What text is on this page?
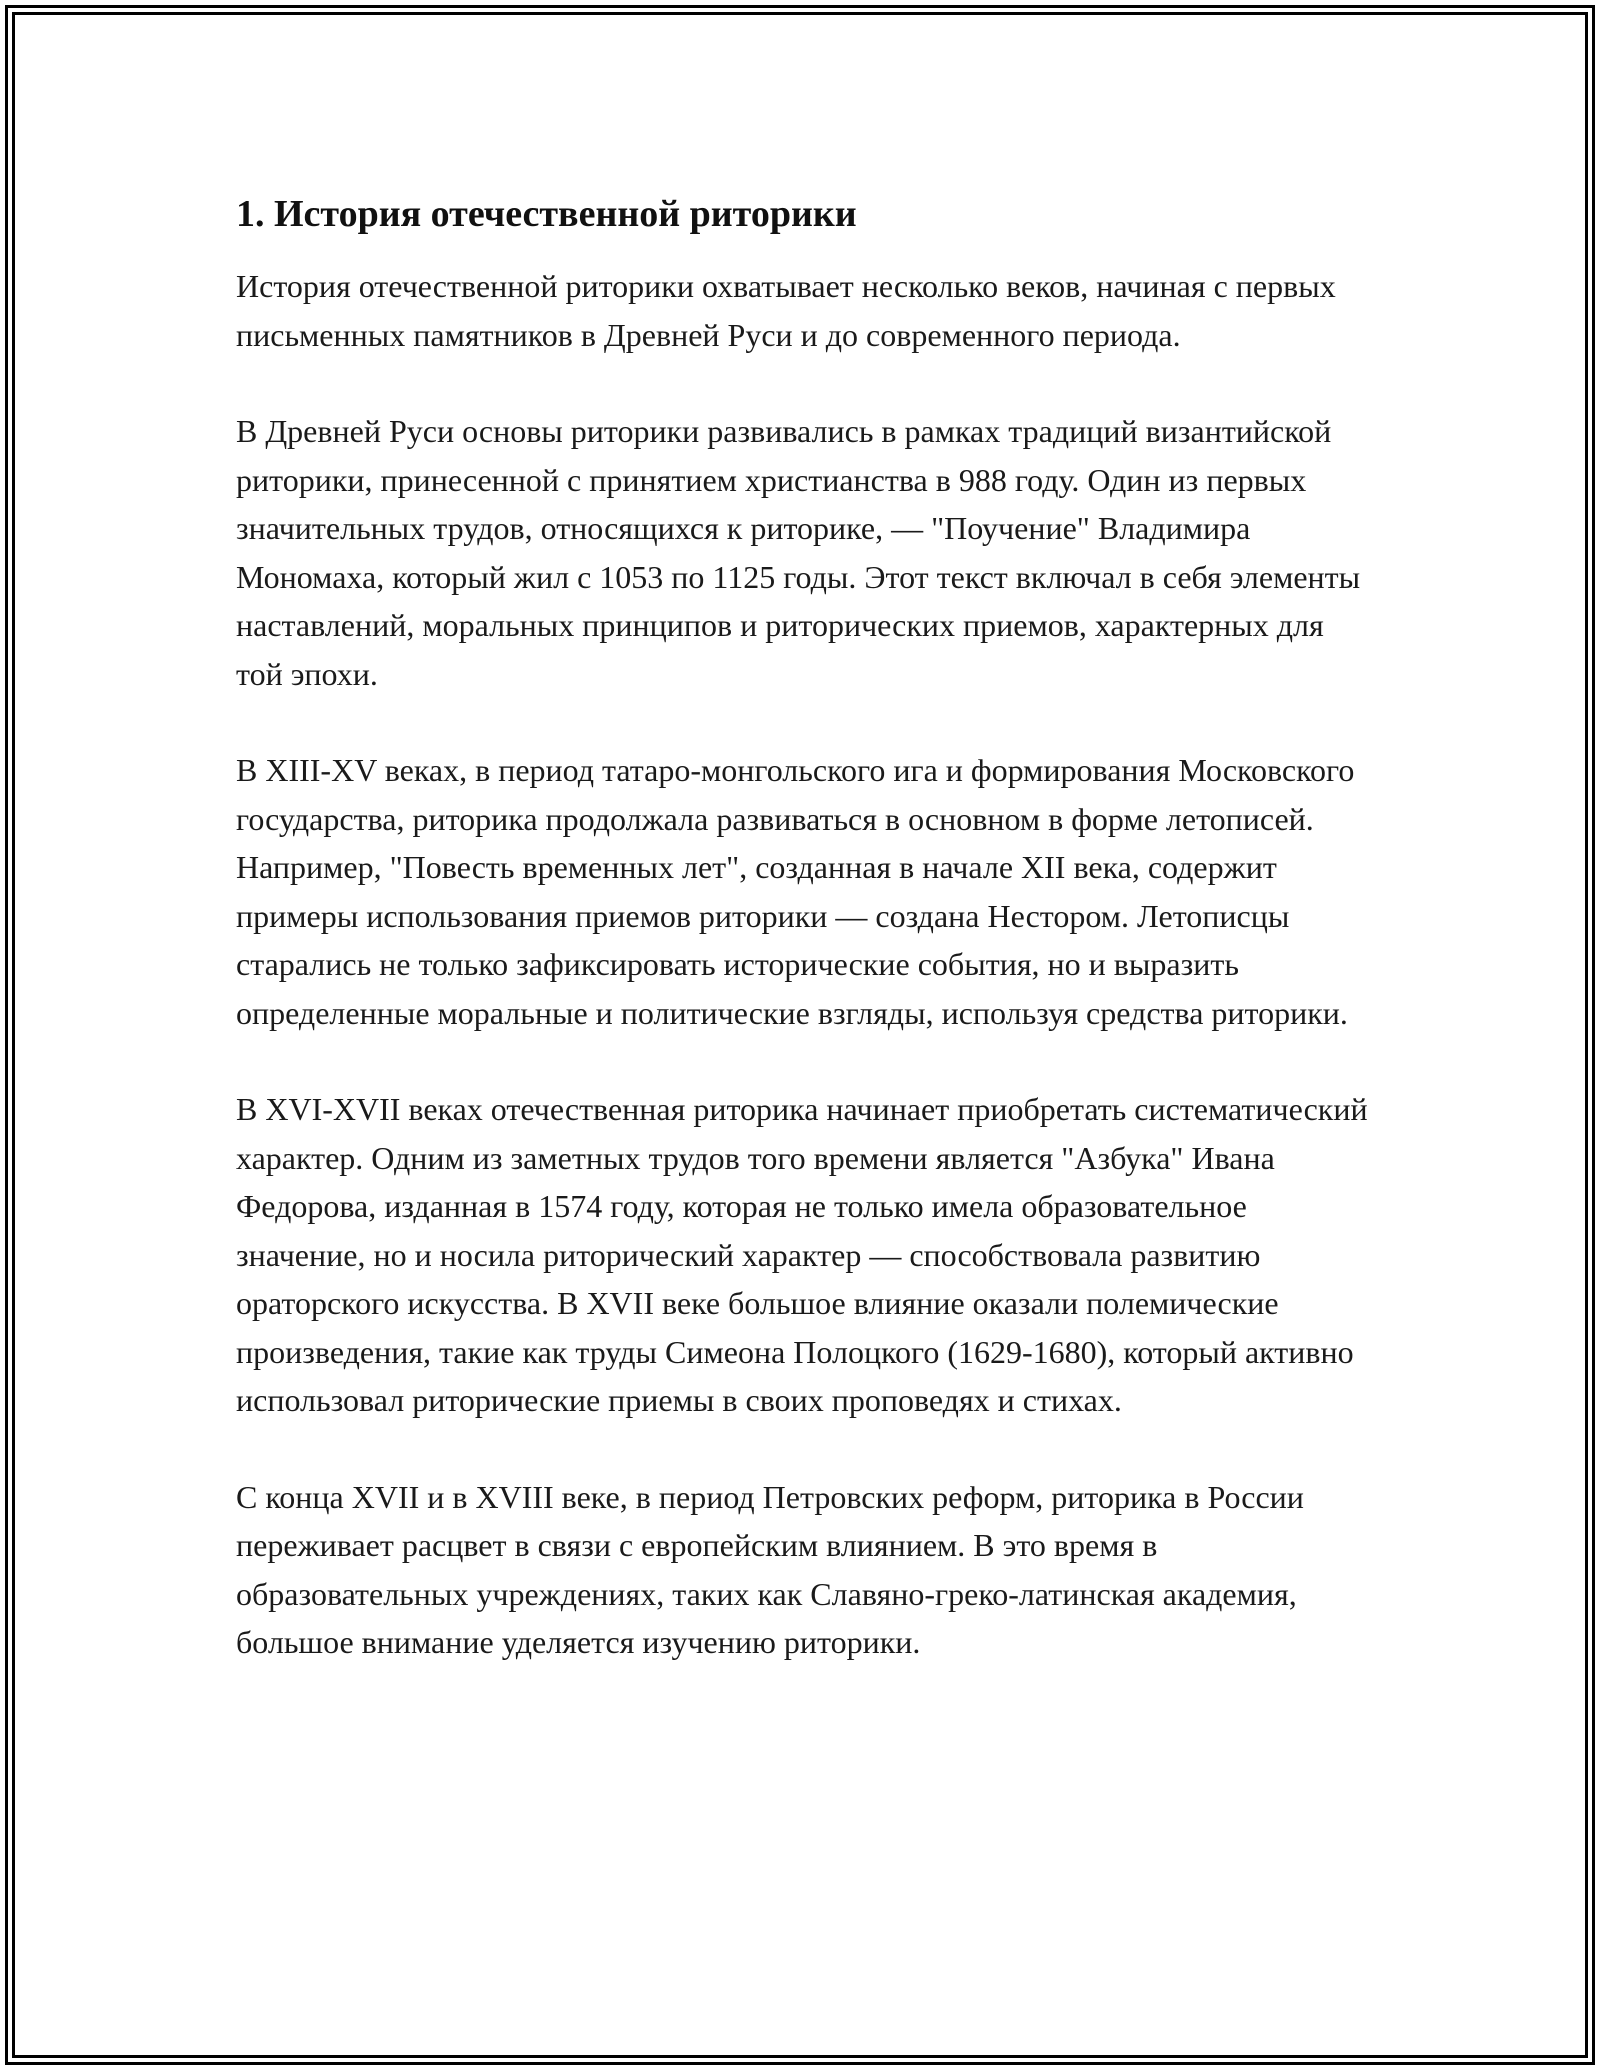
1. История отечественной риторики

История отечественной риторики охватывает несколько веков, начиная с первых письменных памятников в Древней Руси и до современного периода.

В Древней Руси основы риторики развивались в рамках традиций византийской риторики, принесенной с принятием христианства в 988 году. Один из первых значительных трудов, относящихся к риторике, — "Поучение" Владимира Мономаха, который жил с 1053 по 1125 годы. Этот текст включал в себя элементы наставлений, моральных принципов и риторических приемов, характерных для той эпохи.

В XIII-XV веках, в период татаро-монгольского ига и формирования Московского государства, риторика продолжала развиваться в основном в форме летописей. Например, "Повесть временных лет", созданная в начале XII века, содержит примеры использования приемов риторики — создана Нестором. Летописцы старались не только зафиксировать исторические события, но и выразить определенные моральные и политические взгляды, используя средства риторики.

В XVI-XVII веках отечественная риторика начинает приобретать систематический характер. Одним из заметных трудов того времени является "Азбука" Ивана Федорова, изданная в 1574 году, которая не только имела образовательное значение, но и носила риторический характер — способствовала развитию ораторского искусства. В XVII веке большое влияние оказали полемические произведения, такие как труды Симеона Полоцкого (1629-1680), который активно использовал риторические приемы в своих проповедях и стихах.

С конца XVII и в XVIII веке, в период Петровских реформ, риторика в России переживает расцвет в связи с европейским влиянием. В это время в образовательных учреждениях, таких как Славяно-греко-латинская академия, большое внимание уделяется изучению риторики.
